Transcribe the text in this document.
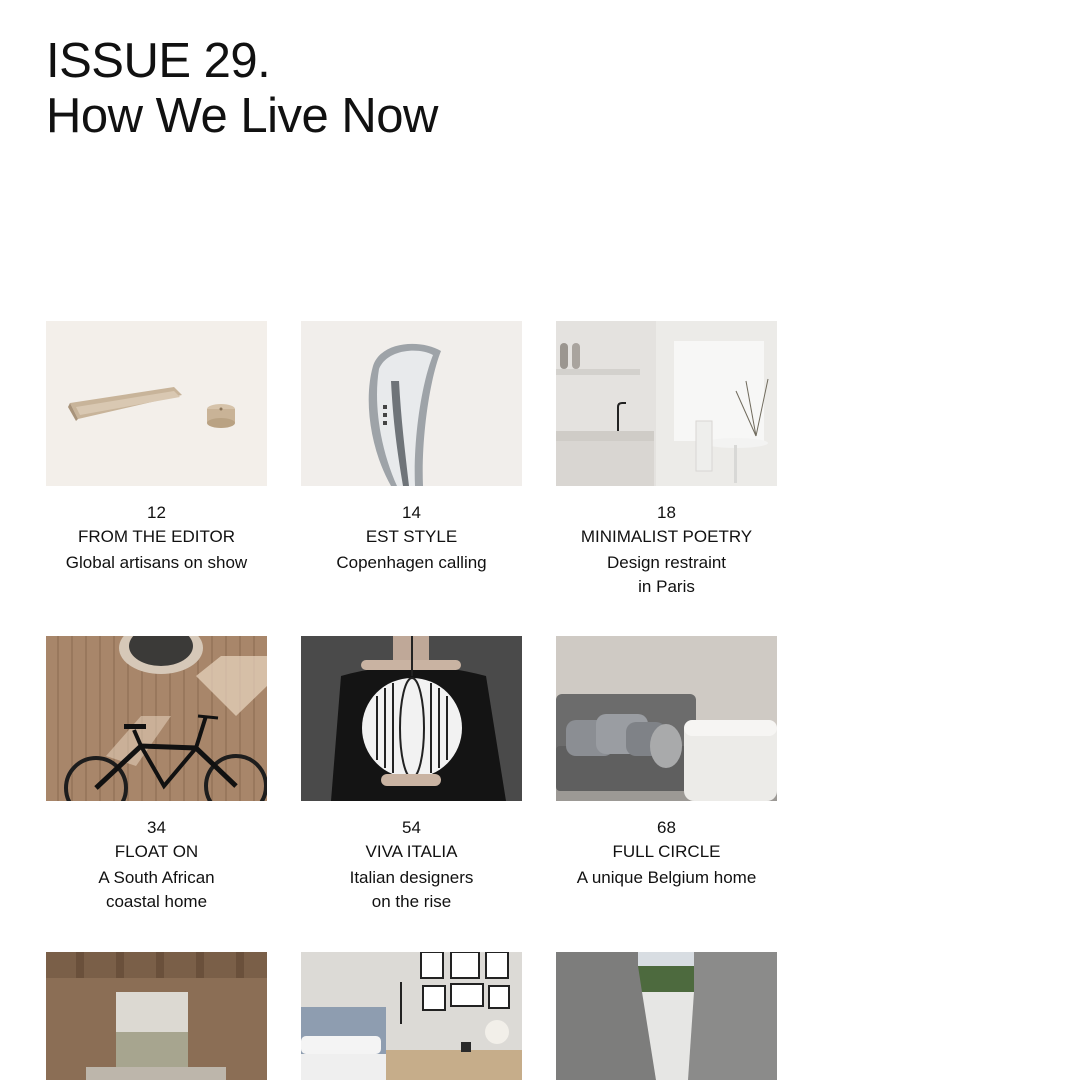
ISSUE 29.
How We Live Now
12
FROM THE EDITOR
Global artisans on show
14
EST STYLE
Copenhagen calling
18
MINIMALIST POETRY
Design restraint
in Paris
34
FLOAT ON
A South African
coastal home
54
VIVA ITALIA
Italian designers
on the rise
68
FULL CIRCLE
A unique Belgium home
